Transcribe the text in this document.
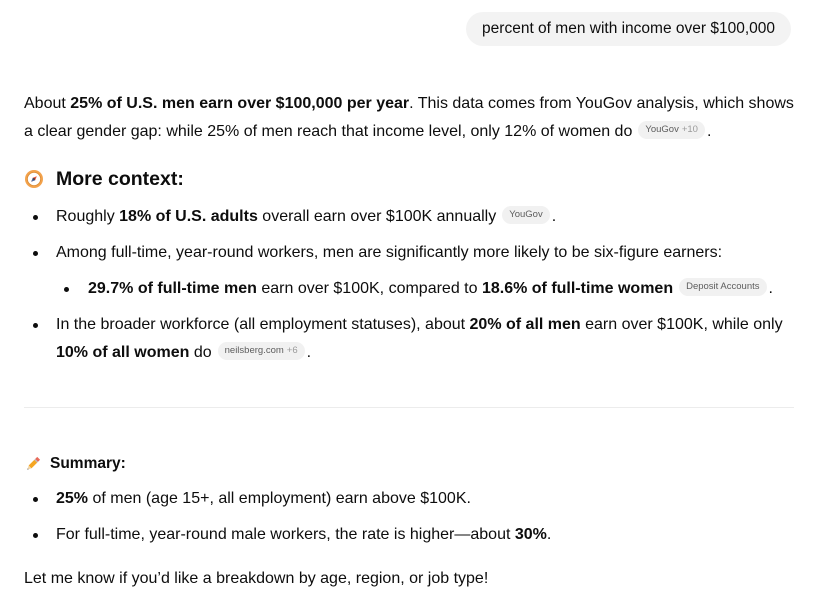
percent of men with income over $100,000

About 25% of U.S. men earn over $100,000 per year. This data comes from YouGov analysis, which shows a clear gender gap: while 25% of men reach that income level, only 12% of women do YouGov +10 .

More context:
Roughly 18% of U.S. adults overall earn over $100K annually YouGov .
Among full-time, year-round workers, men are significantly more likely to be six-figure earners:
29.7% of full-time men earn over $100K, compared to 18.6% of full-time women Deposit Accounts .
In the broader workforce (all employment statuses), about 20% of all men earn over $100K, while only 10% of all women do neilsberg.com +6 .
Summary:
25% of men (age 15+, all employment) earn above $100K.
For full-time, year-round male workers, the rate is higher—about 30%.

Let me know if you’d like a breakdown by age, region, or job type!
